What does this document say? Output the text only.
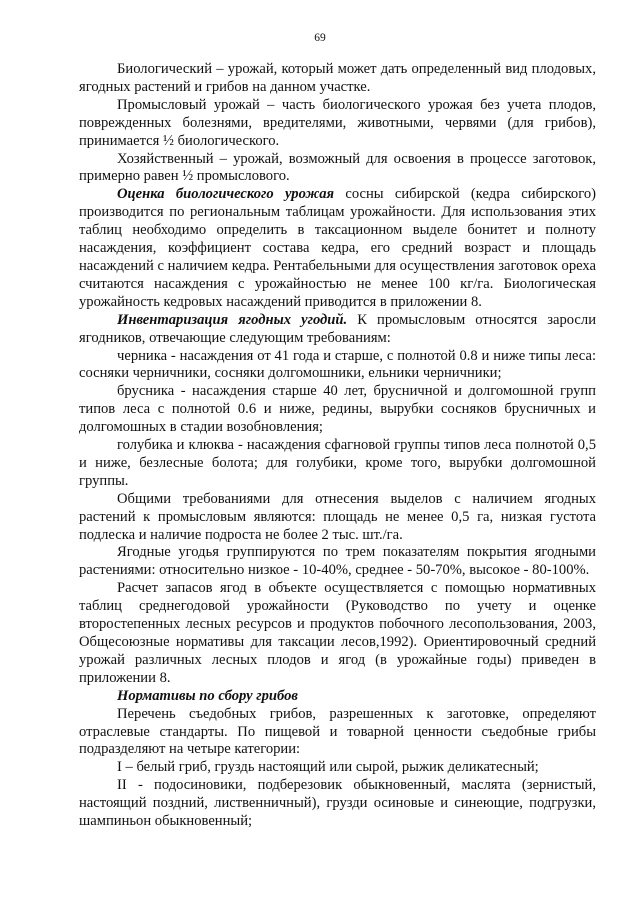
69

Биологический – урожай, который может дать определенный вид плодовых, ягодных растений и грибов на данном участке.

Промысловый урожай – часть биологического урожая без учета плодов, поврежденных болезнями, вредителями, животными, червями (для грибов), принимается ½ биологического.

Хозяйственный – урожай, возможный для освоения в процессе заготовок, примерно равен ½ промыслового.

Оценка биологического урожая сосны сибирской (кедра сибирского) производится по региональным таблицам урожайности. Для использования этих таблиц необходимо определить в таксационном выделе бонитет и полноту насаждения, коэффициент состава кедра, его средний возраст и площадь насаждений с наличием кедра. Рентабельными для осуществления заготовок ореха считаются насаждения с урожайностью не менее 100 кг/га. Биологическая урожайность кедровых насаждений приводится в приложении 8.

Инвентаризация ягодных угодий. К промысловым относятся заросли ягодников, отвечающие следующим требованиям:

черника - насаждения от 41 года и старше, с полнотой 0.8 и ниже типы леса: сосняки черничники, сосняки долгомошники, ельники черничники;

брусника - насаждения старше 40 лет, брусничной и долгомошной групп типов леса с полнотой 0.6 и ниже, редины, вырубки сосняков брусничных и долгомошных в стадии возобновления;

голубика и клюква - насаждения сфагновой группы типов леса полнотой 0,5 и ниже, безлесные болота; для голубики, кроме того, вырубки долгомошной группы.

Общими требованиями для отнесения выделов с наличием ягодных растений к промысловым являются: площадь не менее 0,5 га, низкая густота подлеска и наличие подроста не более 2 тыс. шт./га.

Ягодные угодья группируются по трем показателям покрытия ягодными растениями: относительно низкое - 10-40%, среднее - 50-70%, высокое - 80-100%.

Расчет запасов ягод в объекте осуществляется с помощью нормативных таблиц среднегодовой урожайности (Руководство по учету и оценке второстепенных лесных ресурсов и продуктов побочного лесопользования, 2003, Общесоюзные нормативы для таксации лесов,1992). Ориентировочный средний урожай различных лесных плодов и ягод (в урожайные годы) приведен в приложении 8.

Нормативы по сбору грибов

Перечень съедобных грибов, разрешенных к заготовке, определяют отраслевые стандарты. По пищевой и товарной ценности съедобные грибы подразделяют на четыре категории:

I – белый гриб, груздь настоящий или сырой, рыжик деликатесный;

II - подосиновики, подберезовик обыкновенный, маслята (зернистый, настоящий поздний, лиственничный), грузди осиновые и синеющие, подгрузки, шампиньон обыкновенный;
